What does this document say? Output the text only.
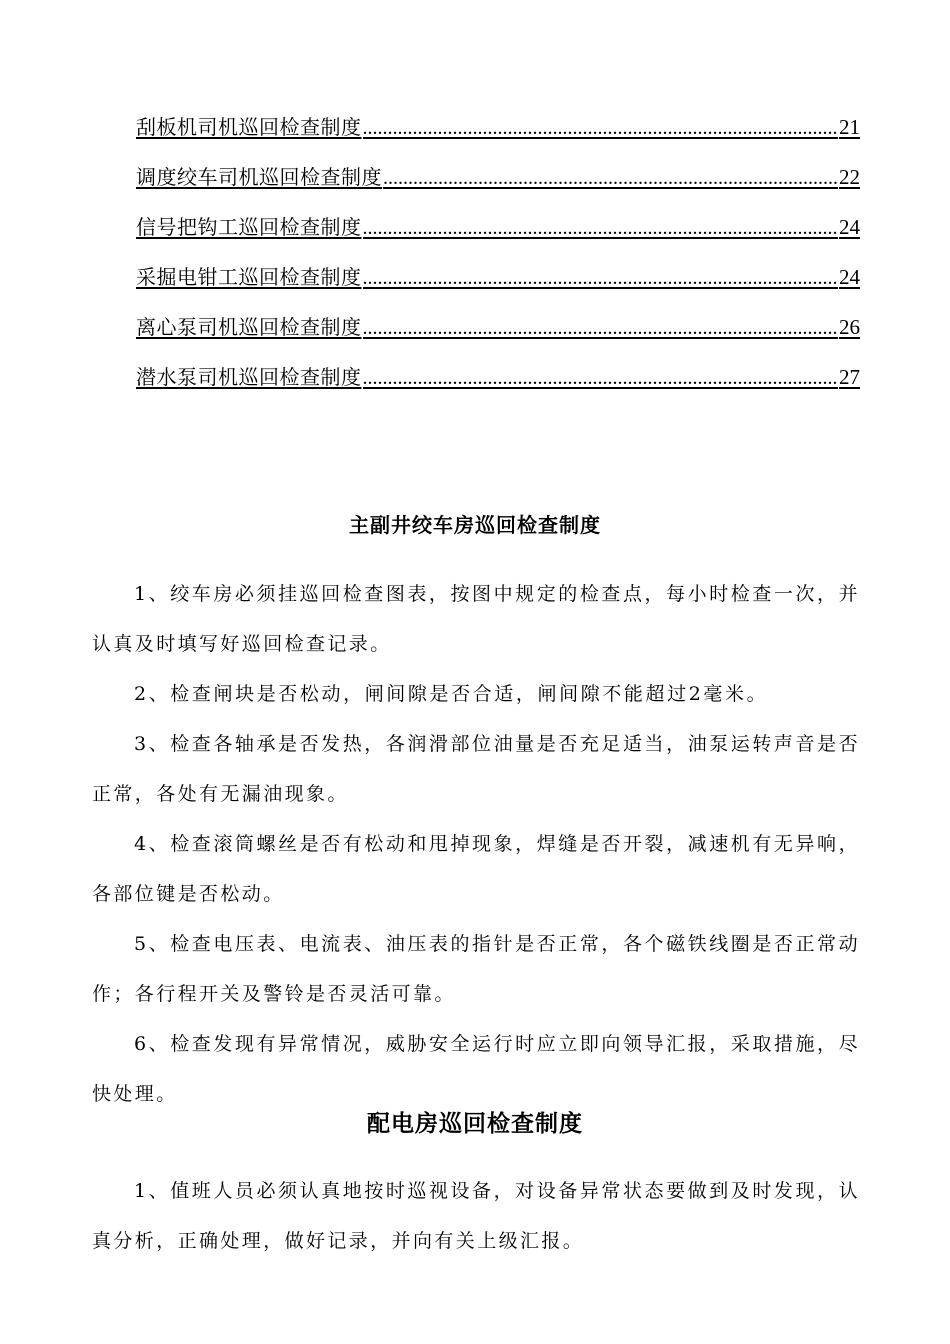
刮板机司机巡回检查制度 .....	21
调度绞车司机巡回检查制度 .....	22
信号把钩工巡回检查制度 .....	24
采掘电钳工巡回检查制度 .....	24
离心泵司机巡回检查制度 .....	26
潜水泵司机巡回检查制度 .....	27
主副井绞车房巡回检查制度

1、绞车房必须挂巡回检查图表，按图中规定的检查点，每小时检查一次，并认真及时填写好巡回检查记录。

2、检查闸块是否松动，闸间隙是否合适，闸间隙不能超过2毫米。

3、检查各轴承是否发热，各润滑部位油量是否充足适当，油泵运转声音是否正常，各处有无漏油现象。

4、检查滚筒螺丝是否有松动和甩掉现象，焊缝是否开裂，减速机有无异响，各部位键是否松动。

5、检查电压表、电流表、油压表的指针是否正常，各个磁铁线圈是否正常动作；各行程开关及警铃是否灵活可靠。

6、检查发现有异常情况，威胁安全运行时应立即向领导汇报，采取措施，尽快处理。

配电房巡回检查制度

1、值班人员必须认真地按时巡视设备，对设备异常状态要做到及时发现，认真分析，正确处理，做好记录，并向有关上级汇报。
